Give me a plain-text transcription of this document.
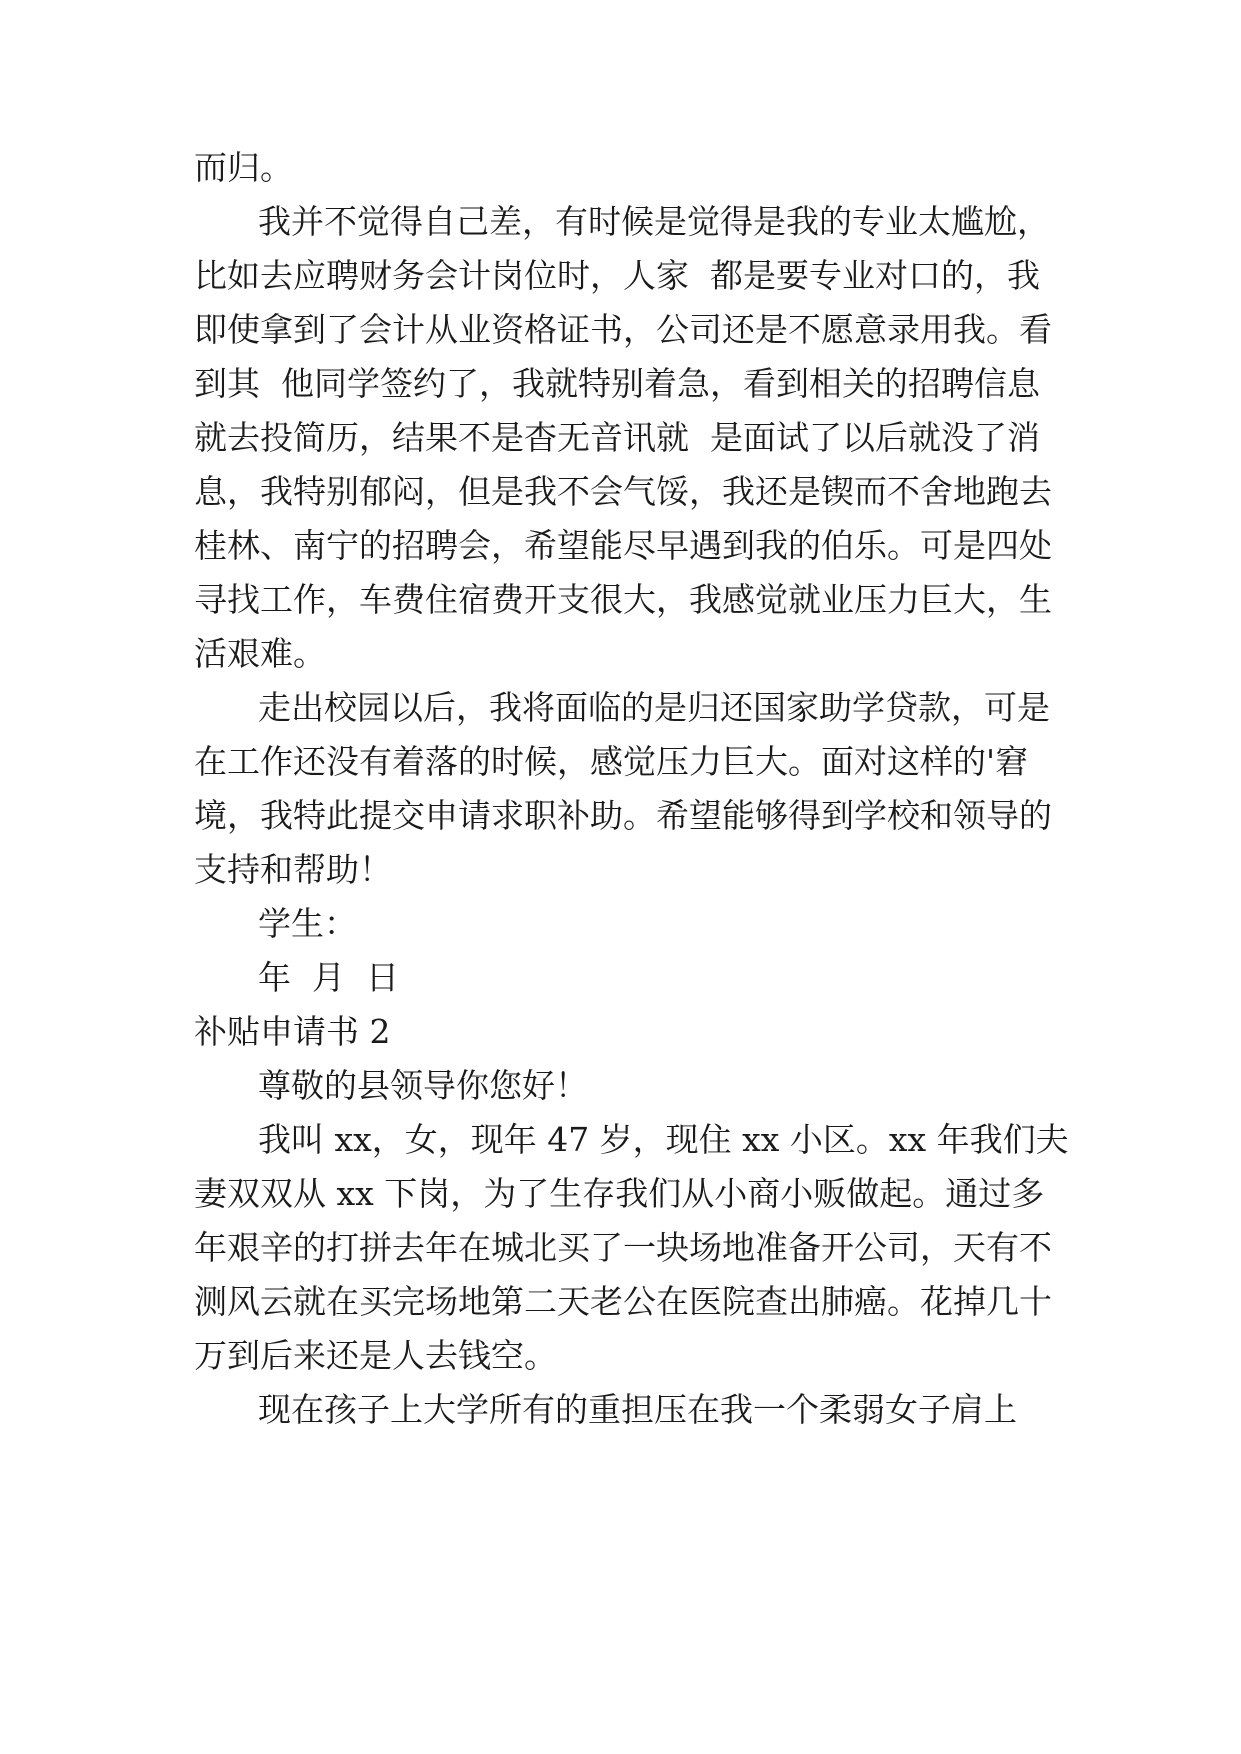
而归。
我并不觉得自己差，有时候是觉得是我的专业太尴尬，
比如去应聘财务会计岗位时，人家  都是要专业对口的，我
即使拿到了会计从业资格证书，公司还是不愿意录用我。看
到其  他同学签约了，我就特别着急，看到相关的招聘信息
就去投简历，结果不是杳无音讯就  是面试了以后就没了消
息，我特别郁闷，但是我不会气馁，我还是锲而不舍地跑去
桂林、南宁的招聘会，希望能尽早遇到我的伯乐。可是四处
寻找工作，车费住宿费开支很大，我感觉就业压力巨大，生
活艰难。
走出校园以后，我将面临的是归还国家助学贷款，可是
在工作还没有着落的时候，感觉压力巨大。面对这样的'窘
境，我特此提交申请求职补助。希望能够得到学校和领导的
支持和帮助！
学生：
年  月  日
补贴申请书 2
尊敬的县领导你您好！
我叫 xx，女，现年 47 岁，现住 xx 小区。xx 年我们夫
妻双双从 xx 下岗，为了生存我们从小商小贩做起。通过多
年艰辛的打拼去年在城北买了一块场地准备开公司，天有不
测风云就在买完场地第二天老公在医院查出肺癌。花掉几十
万到后来还是人去钱空。
现在孩子上大学所有的重担压在我一个柔弱女子肩上
